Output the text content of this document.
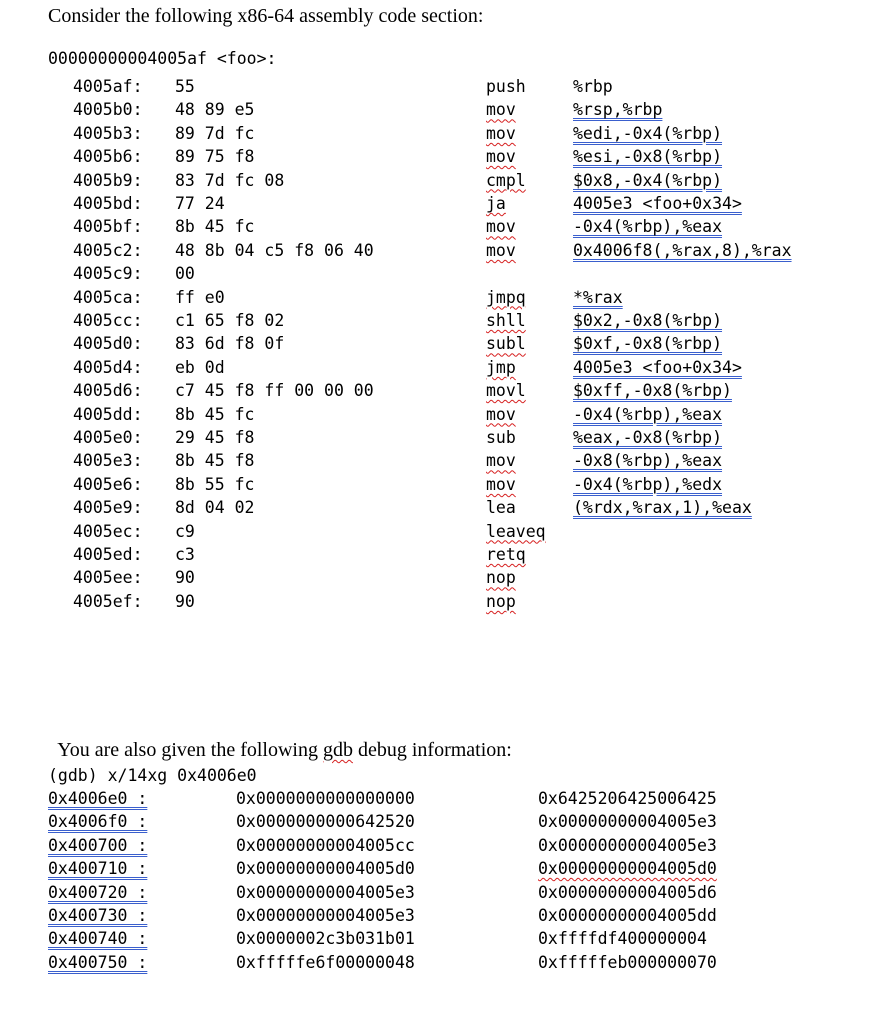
Consider the following x86-64 assembly code section:
00000000004005af <foo>:
4005af: 55	push	%rbp
4005b0: 48 89 e5	mov	%rsp,%rbp
4005b3: 89 7d fc	mov	%edi,-0x4(%rbp)
4005b6: 89 75 f8	mov	%esi,-0x8(%rbp)
4005b9: 83 7d fc 08	cmpl	$0x8,-0x4(%rbp)
4005bd: 77 24	ja	4005e3 <foo+0x34>
4005bf: 8b 45 fc	mov	-0x4(%rbp),%eax
4005c2: 48 8b 04 c5 f8 06 40	mov	0x4006f8(,%rax,8),%rax
4005c9: 00
4005ca: ff e0	jmpq	*%rax
4005cc: c1 65 f8 02	shll	$0x2,-0x8(%rbp)
4005d0: 83 6d f8 0f	subl	$0xf,-0x8(%rbp)
4005d4: eb 0d	jmp	4005e3 <foo+0x34>
4005d6: c7 45 f8 ff 00 00 00	movl	$0xff,-0x8(%rbp)
4005dd: 8b 45 fc	mov	-0x4(%rbp),%eax
4005e0: 29 45 f8	sub	%eax,-0x8(%rbp)
4005e3: 8b 45 f8	mov	-0x8(%rbp),%eax
4005e6: 8b 55 fc	mov	-0x4(%rbp),%edx
4005e9: 8d 04 02	lea	(%rdx,%rax,1),%eax
4005ec: c9	leaveq
4005ed: c3	retq
4005ee: 90	nop
4005ef: 90	nop

You are also given the following gdb debug information:

(gdb) x/14xg 0x4006e0
0x4006e0 :	0x0000000000000000	0x6425206425006425
0x4006f0 :	0x0000000000642520	0x00000000004005e3
0x400700 :	0x00000000004005cc	0x00000000004005e3
0x400710 :	0x00000000004005d0	0x00000000004005d0
0x400720 :	0x00000000004005e3	0x00000000004005d6
0x400730 :	0x00000000004005e3	0x00000000004005dd
0x400740 :	0x0000002c3b031b01	0xffffdf400000004
0x400750 :	0xfffffe6f00000048	0xfffffeb000000070
